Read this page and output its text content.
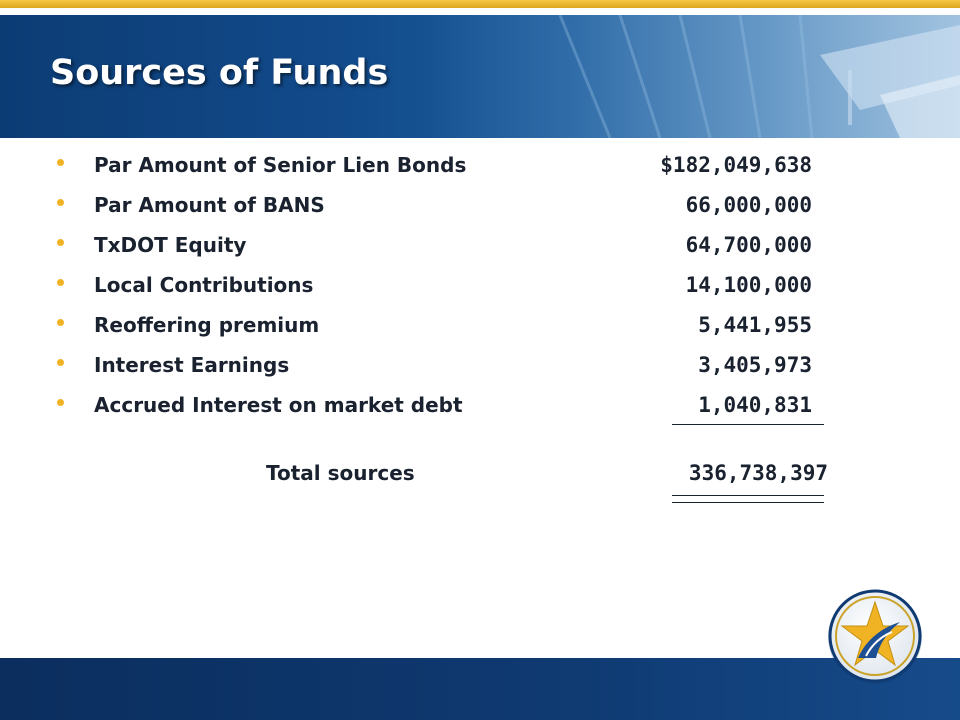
Sources of Funds
Par Amount of Senior Lien Bonds	$182,049,638
Par Amount of BANS	66,000,000
TxDOT Equity	64,700,000
Local Contributions	14,100,000
Reoffering premium	5,441,955
Interest Earnings	3,405,973
Accrued Interest on market debt	1,040,831
Total sources	336,738,397
